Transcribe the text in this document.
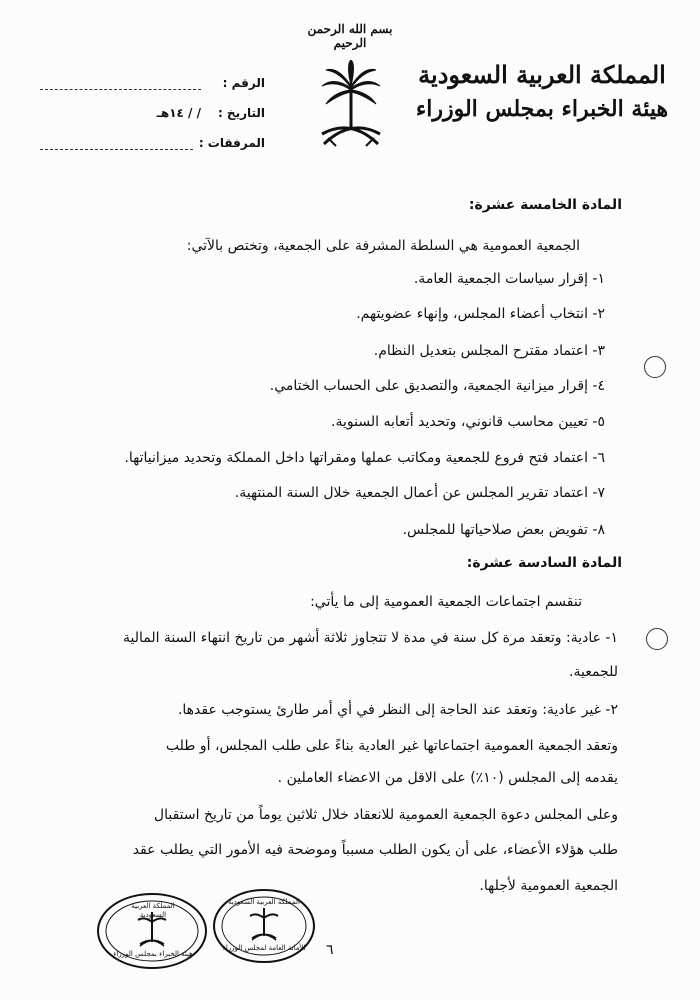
بسم الله الرحمن الرحيم
المملكة العربية السعودية
هيئة الخبراء بمجلس الوزراء
الرقم :
التاريخ :
/ / ١٤هـ
المرفقات :
المادة الخامسة عشرة:
الجمعية العمومية هي السلطة المشرفة على الجمعية، وتختص بالآتي:
١- إقرار سياسات الجمعية العامة.
٢- انتخاب أعضاء المجلس، وإنهاء عضويتهم.
٣- اعتماد مقترح المجلس بتعديل النظام.
٤- إقرار ميزانية الجمعية، والتصديق على الحساب الختامي.
٥- تعيين محاسب قانوني، وتحديد أتعابه السنوية.
٦- اعتماد فتح فروع للجمعية ومكاتب عملها ومقراتها داخل المملكة وتحديد ميزانياتها.
٧- اعتماد تقرير المجلس عن أعمال الجمعية خلال السنة المنتهية.
٨- تفويض بعض صلاحياتها للمجلس.
المادة السادسة عشرة:
تنقسم اجتماعات الجمعية العمومية إلى ما يأتي:
١- عادية: وتعقد مرة كل سنة في مدة لا تتجاوز ثلاثة أشهر من تاريخ انتهاء السنة المالية
للجمعية.
٢- غير عادية: وتعقد عند الحاجة إلى النظر في أي أمر طارئ يستوجب عقدها.
وتعقد الجمعية العمومية اجتماعاتها غير العادية بناءً على طلب المجلس، أو طلب
يقدمه إلى المجلس (١٠٪) على الاقل من الاعضاء العاملين .
وعلى المجلس دعوة الجمعية العمومية للانعقاد خلال ثلاثين يوماً من تاريخ استقبال
طلب هؤلاء الأعضاء، على أن يكون الطلب مسبباً وموضحة فيه الأمور التي يطلب عقد
الجمعية العمومية لأجلها.
المملكة العربية السعودية
هيئة الخبراء بمجلس الوزراء
المملكة العربية السعودية
الأمانة العامة لمجلس الوزراء ٦
